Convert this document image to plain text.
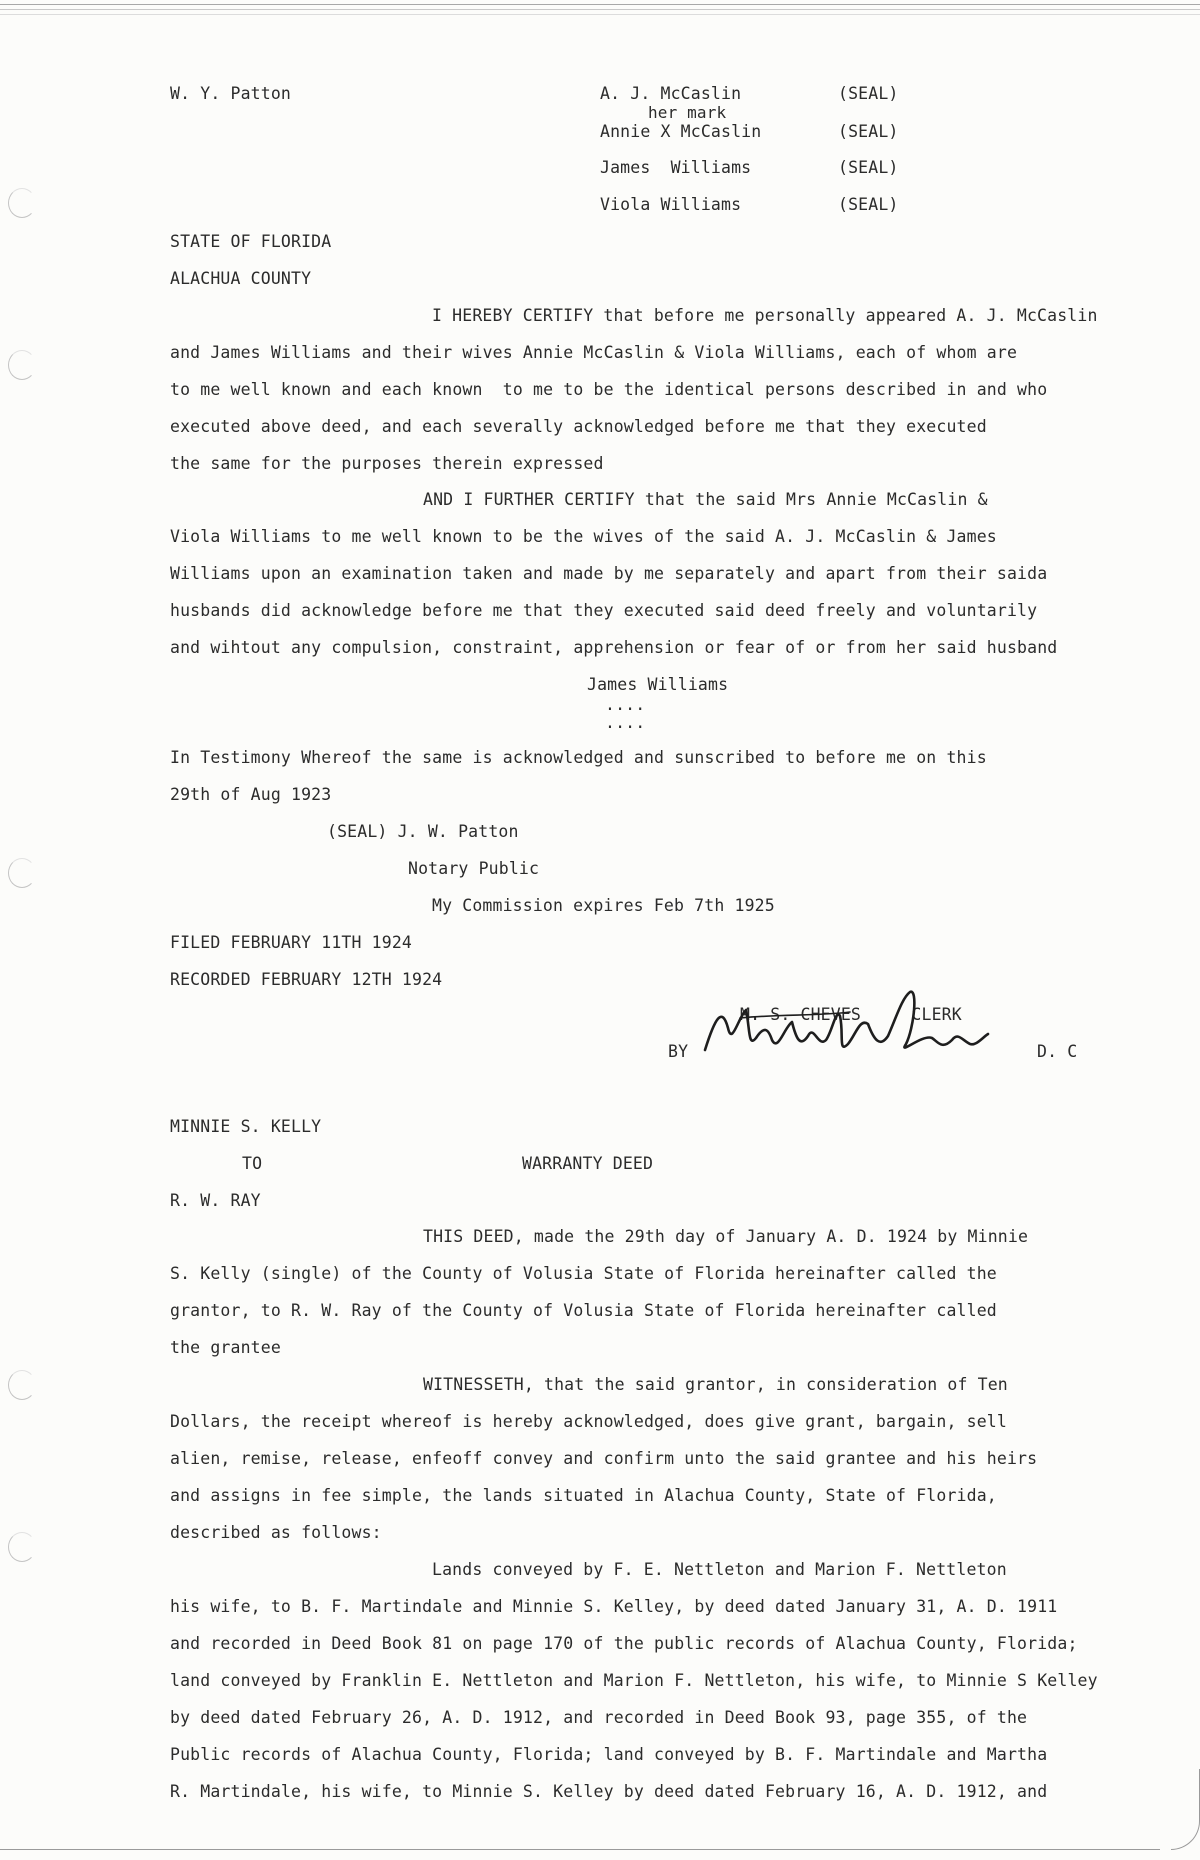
W. Y. Patton	A. J. McCaslin	(SEAL)
her mark
Annie X McCaslin	(SEAL)
James  Williams	(SEAL)
Viola Williams	(SEAL)
STATE OF FLORIDA
ALACHUA COUNTY
I HEREBY CERTIFY that before me personally appeared A. J. McCaslin
and James Williams and their wives Annie McCaslin & Viola Williams, each of whom are
to me well known and each known  to me to be the identical persons described in and who
executed above deed, and each severally acknowledged before me that they executed
the same for the purposes therein expressed
AND I FURTHER CERTIFY that the said Mrs Annie McCaslin &
Viola Williams to me well known to be the wives of the said A. J. McCaslin & James
Williams upon an examination taken and made by me separately and apart from their saida
husbands did acknowledge before me that they executed said deed freely and voluntarily
and wihtout any compulsion, constraint, apprehension or fear of or from her said husband
James Williams
....
....
In Testimony Whereof the same is acknowledged and sunscribed to before me on this
29th of Aug 1923
(SEAL) J. W. Patton
Notary Public
My Commission expires Feb 7th 1925
FILED FEBRUARY 11TH 1924
RECORDED FEBRUARY 12TH 1924
M. S. CHEVES     CLERK
BY	D. C
MINNIE S. KELLY
TO	WARRANTY DEED
R. W. RAY
THIS DEED, made the 29th day of January A. D. 1924 by Minnie
S. Kelly (single) of the County of Volusia State of Florida hereinafter called the
grantor, to R. W. Ray of the County of Volusia State of Florida hereinafter called
the grantee
WITNESSETH, that the said grantor, in consideration of Ten
Dollars, the receipt whereof is hereby acknowledged, does give grant, bargain, sell
alien, remise, release, enfeoff convey and confirm unto the said grantee and his heirs
and assigns in fee simple, the lands situated in Alachua County, State of Florida,
described as follows:
Lands conveyed by F. E. Nettleton and Marion F. Nettleton
his wife, to B. F. Martindale and Minnie S. Kelley, by deed dated January 31, A. D. 1911
and recorded in Deed Book 81 on page 170 of the public records of Alachua County, Florida;
land conveyed by Franklin E. Nettleton and Marion F. Nettleton, his wife, to Minnie S Kelley
by deed dated February 26, A. D. 1912, and recorded in Deed Book 93, page 355, of the
Public records of Alachua County, Florida; land conveyed by B. F. Martindale and Martha
R. Martindale, his wife, to Minnie S. Kelley by deed dated February 16, A. D. 1912, and
